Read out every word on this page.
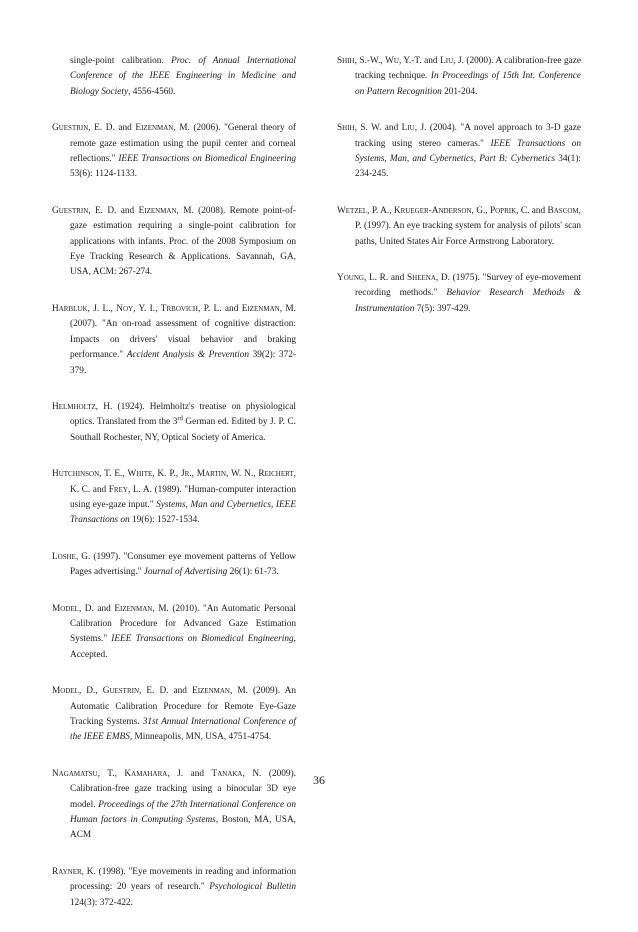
single-point calibration. Proc. of Annual International Conference of the IEEE Engineering in Medicine and Biology Society, 4556-4560.

Guestrin, E. D. and Eizenman, M. (2006). "General theory of remote gaze estimation using the pupil center and corneal reflections." IEEE Transactions on Biomedical Engineering 53(6): 1124-1133.

Guestrin, E. D. and Eizenman, M. (2008). Remote point-of-gaze estimation requiring a single-point calibration for applications with infants. Proc. of the 2008 Symposium on Eye Tracking Research & Applications. Savannah, GA, USA, ACM: 267-274.

Harbluk, J. L., Noy, Y. I., Trbovich, P. L. and Eizenman, M. (2007). "An on-road assessment of cognitive distraction: Impacts on drivers' visual behavior and braking performance." Accident Analysis & Prevention 39(2): 372-379.

Helmholtz, H. (1924). Helmholtz's treatise on physiological optics. Translated from the 3rd German ed. Edited by J. P. C. Southall Rochester, NY, Optical Society of America.

Hutchinson, T. E., White, K. P., Jr., Martin, W. N., Reichert, K. C. and Frey, L. A. (1989). "Human-computer interaction using eye-gaze input." Systems, Man and Cybernetics, IEEE Transactions on 19(6): 1527-1534.

Loshe, G. (1997). "Consumer eye movement patterns of Yellow Pages advertising." Journal of Advertising 26(1): 61-73.

Model, D. and Eizenman, M. (2010). "An Automatic Personal Calibration Procedure for Advanced Gaze Estimation Systems." IEEE Transactions on Biomedical Engineering, Accepted.

Model, D., Guestrin, E. D. and Eizenman, M. (2009). An Automatic Calibration Procedure for Remote Eye-Gaze Tracking Systems. 31st Annual International Conference of the IEEE EMBS, Minneapolis, MN, USA, 4751-4754.

Nagamatsu, T., Kamahara, J. and Tanaka, N. (2009). Calibration-free gaze tracking using a binocular 3D eye model. Proceedings of the 27th International Conference on Human factors in Computing Systems, Boston, MA, USA, ACM

Rayner, K. (1998). "Eye movements in reading and information processing: 20 years of research." Psychological Bulletin 124(3): 372-422.

Shih, S.-W., Wu, Y.-T. and Liu, J. (2000). A calibration-free gaze tracking technique. In Proceedings of 15th Int. Conference on Pattern Recognition 201-204.

Shih, S. W. and Liu, J. (2004). "A novel approach to 3-D gaze tracking using stereo cameras." IEEE Transactions on Systems, Man, and Cybernetics, Part B: Cybernetics 34(1): 234-245.

Wetzel, P. A., Krueger-Anderson, G., Poprik, C. and Bascom, P. (1997). An eye tracking system for analysis of pilots' scan paths, United States Air Force Armstrong Laboratory.

Young, L. R. and Sheena, D. (1975). "Survey of eye-movement recording methods." Behavior Research Methods & Instrumentation 7(5): 397-429.

36
